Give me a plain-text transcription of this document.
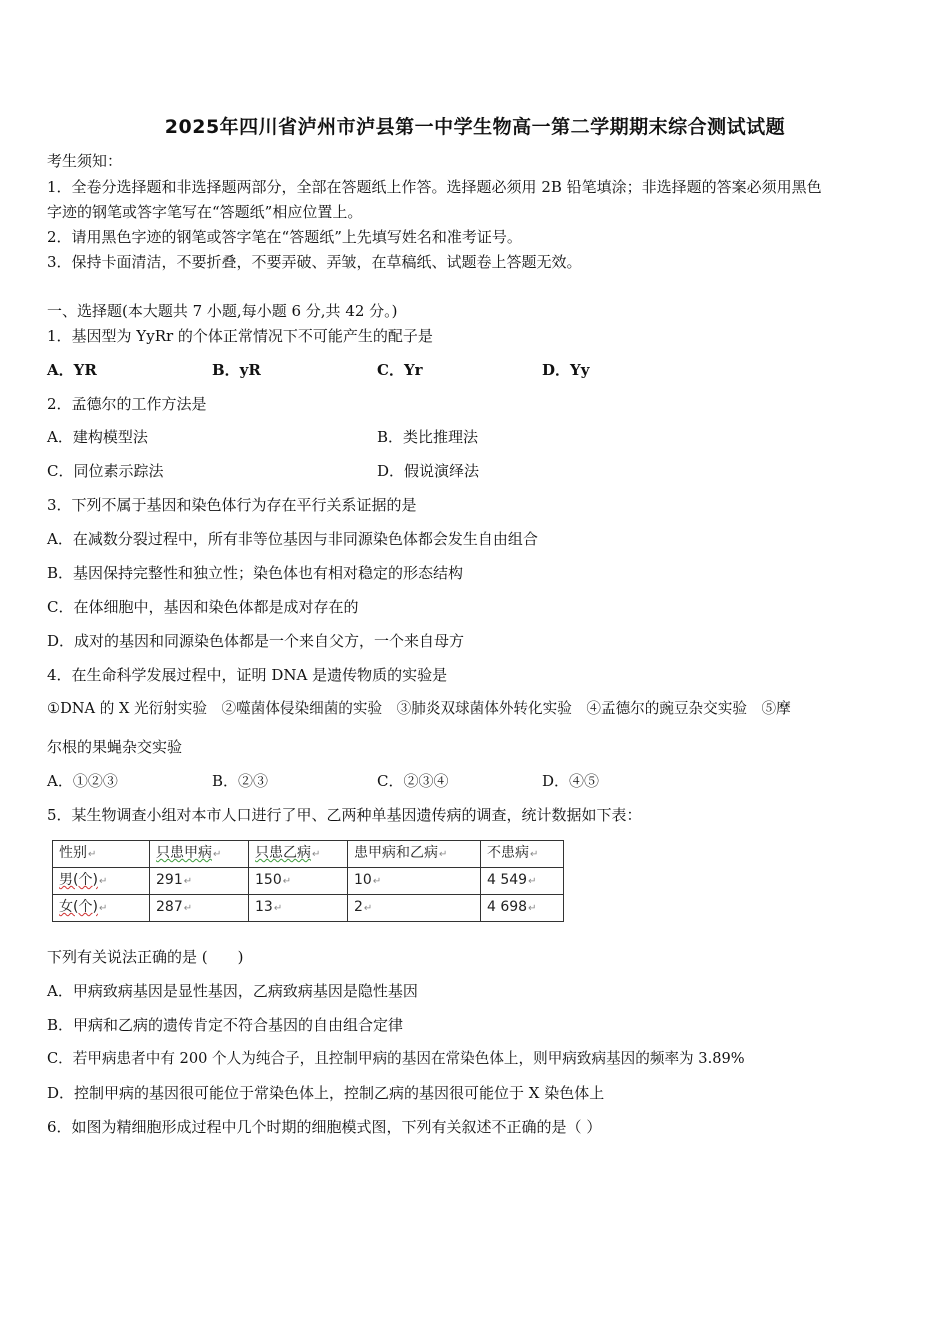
2025年四川省泸州市泸县第一中学生物高一第二学期期末综合测试试题
考生须知：
1．全卷分选择题和非选择题两部分，全部在答题纸上作答。选择题必须用 2B 铅笔填涂；非选择题的答案必须用黑色
字迹的钢笔或答字笔写在“答题纸”相应位置上。
2．请用黑色字迹的钢笔或答字笔在“答题纸”上先填写姓名和准考证号。
3．保持卡面清洁，不要折叠，不要弄破、弄皱，在草稿纸、试题卷上答题无效。
一、选择题(本大题共 7 小题,每小题 6 分,共 42 分。)
1．基因型为 YyRr 的个体正常情况下不可能产生的配子是
A．YR	B．yR	C．Yr	D．Yy
2．孟德尔的工作方法是
A．建构模型法	B．类比推理法
C．同位素示踪法	D．假说演绎法
3．下列不属于基因和染色体行为存在平行关系证据的是
A．在减数分裂过程中，所有非等位基因与非同源染色体都会发生自由组合
B．基因保持完整性和独立性；染色体也有相对稳定的形态结构
C．在体细胞中，基因和染色体都是成对存在的
D．成对的基因和同源染色体都是一个来自父方，一个来自母方
4．在生命科学发展过程中，证明 DNA 是遗传物质的实验是
①DNA 的 X 光衍射实验　②噬菌体侵染细菌的实验　③肺炎双球菌体外转化实验　④孟德尔的豌豆杂交实验　⑤摩
尔根的果蝇杂交实验
A．①②③	B．②③	C．②③④	D．④⑤
5．某生物调查小组对本市人口进行了甲、乙两种单基因遗传病的调查，统计数据如下表：
性别↵	只患甲病↵	只患乙病↵	患甲病和乙病↵	不患病↵
男(个)↵	291↵	150↵	10↵	4 549↵
女(个)↵	287↵	13↵	2↵	4 698↵
下列有关说法正确的是 (　　)
A．甲病致病基因是显性基因，乙病致病基因是隐性基因
B．甲病和乙病的遗传肯定不符合基因的自由组合定律
C．若甲病患者中有 200 个人为纯合子，且控制甲病的基因在常染色体上，则甲病致病基因的频率为 3.89%
D．控制甲病的基因很可能位于常染色体上，控制乙病的基因很可能位于 X 染色体上
6．如图为精细胞形成过程中几个时期的细胞模式图，下列有关叙述不正确的是（ ）
